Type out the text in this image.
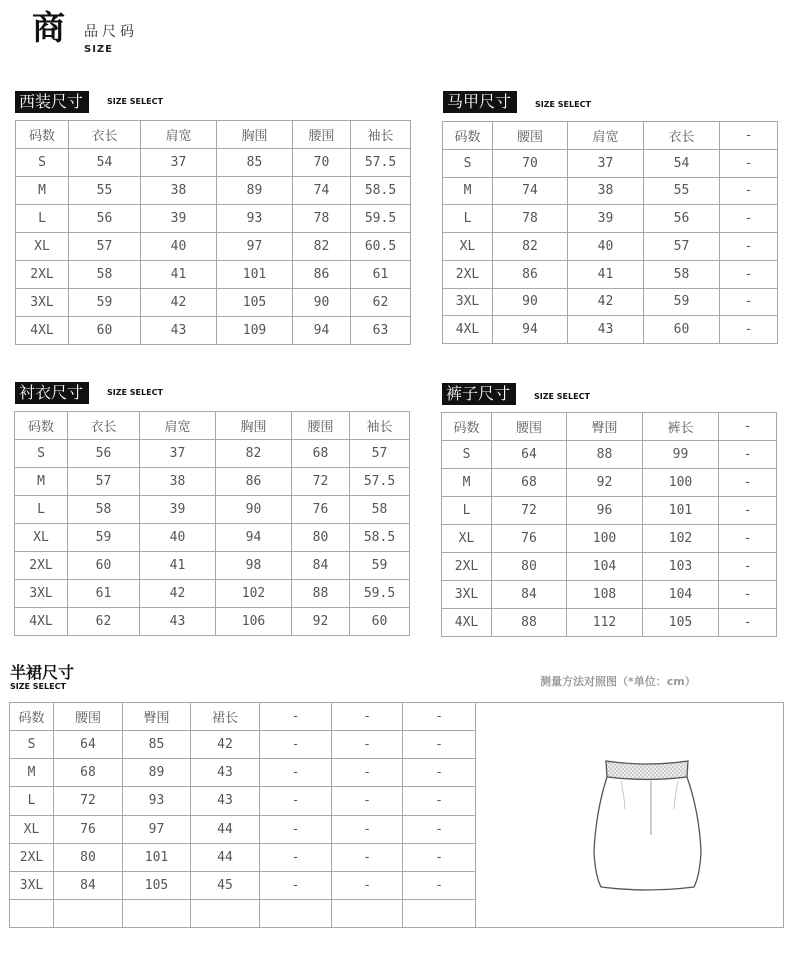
商 品尺码
SIZE
西装尺寸	SIZE SELECT
码数	衣长	肩宽	胸围	腰围	袖长
S	54	37	85	70	57.5
M	55	38	89	74	58.5
L	56	39	93	78	59.5
XL	57	40	97	82	60.5
2XL	58	41	101	86	61
3XL	59	42	105	90	62
4XL	60	43	109	94	63
马甲尺寸	SIZE SELECT
码数	腰围	肩宽	衣长	-
S	70	37	54	-
M	74	38	55	-
L	78	39	56	-
XL	82	40	57	-
2XL	86	41	58	-
3XL	90	42	59	-
4XL	94	43	60	-
衬衣尺寸	SIZE SELECT
码数	衣长	肩宽	胸围	腰围	袖长
S	56	37	82	68	57
M	57	38	86	72	57.5
L	58	39	90	76	58
XL	59	40	94	80	58.5
2XL	60	41	98	84	59
3XL	61	42	102	88	59.5
4XL	62	43	106	92	60
裤子尺寸	SIZE SELECT
码数	腰围	臀围	裤长	-
S	64	88	99	-
M	68	92	100	-
L	72	96	101	-
XL	76	100	102	-
2XL	80	104	103	-
3XL	84	108	104	-
4XL	88	112	105	-
半裙尺寸
SIZE SELECT	测量方法对照图（*单位：cm）
码数	腰围	臀围	裙长	-	-	-
S	64	85	42	-	-	-
M	68	89	43	-	-	-
L	72	93	43	-	-	-
XL	76	97	44	-	-	-
2XL	80	101	44	-	-	-
3XL	84	105	45	-	-	-
